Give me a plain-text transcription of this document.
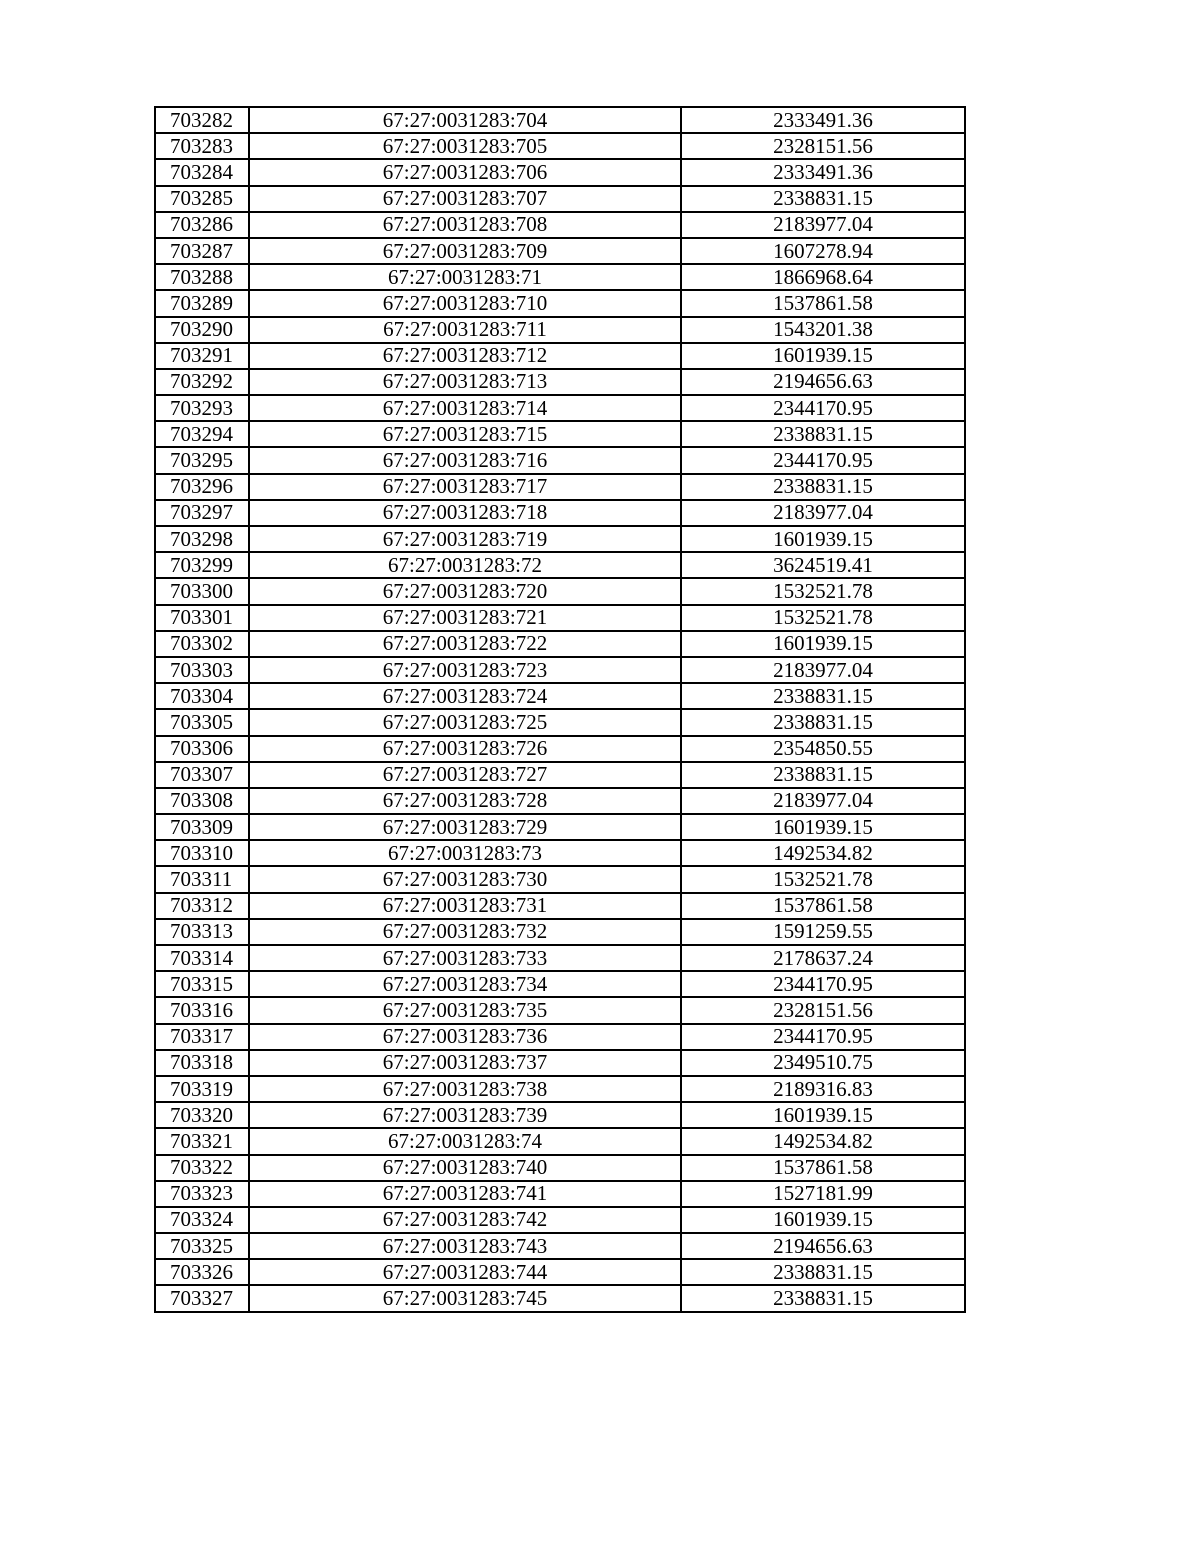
703282	67:27:0031283:704	2333491.36
703283	67:27:0031283:705	2328151.56
703284	67:27:0031283:706	2333491.36
703285	67:27:0031283:707	2338831.15
703286	67:27:0031283:708	2183977.04
703287	67:27:0031283:709	1607278.94
703288	67:27:0031283:71	1866968.64
703289	67:27:0031283:710	1537861.58
703290	67:27:0031283:711	1543201.38
703291	67:27:0031283:712	1601939.15
703292	67:27:0031283:713	2194656.63
703293	67:27:0031283:714	2344170.95
703294	67:27:0031283:715	2338831.15
703295	67:27:0031283:716	2344170.95
703296	67:27:0031283:717	2338831.15
703297	67:27:0031283:718	2183977.04
703298	67:27:0031283:719	1601939.15
703299	67:27:0031283:72	3624519.41
703300	67:27:0031283:720	1532521.78
703301	67:27:0031283:721	1532521.78
703302	67:27:0031283:722	1601939.15
703303	67:27:0031283:723	2183977.04
703304	67:27:0031283:724	2338831.15
703305	67:27:0031283:725	2338831.15
703306	67:27:0031283:726	2354850.55
703307	67:27:0031283:727	2338831.15
703308	67:27:0031283:728	2183977.04
703309	67:27:0031283:729	1601939.15
703310	67:27:0031283:73	1492534.82
703311	67:27:0031283:730	1532521.78
703312	67:27:0031283:731	1537861.58
703313	67:27:0031283:732	1591259.55
703314	67:27:0031283:733	2178637.24
703315	67:27:0031283:734	2344170.95
703316	67:27:0031283:735	2328151.56
703317	67:27:0031283:736	2344170.95
703318	67:27:0031283:737	2349510.75
703319	67:27:0031283:738	2189316.83
703320	67:27:0031283:739	1601939.15
703321	67:27:0031283:74	1492534.82
703322	67:27:0031283:740	1537861.58
703323	67:27:0031283:741	1527181.99
703324	67:27:0031283:742	1601939.15
703325	67:27:0031283:743	2194656.63
703326	67:27:0031283:744	2338831.15
703327	67:27:0031283:745	2338831.15
